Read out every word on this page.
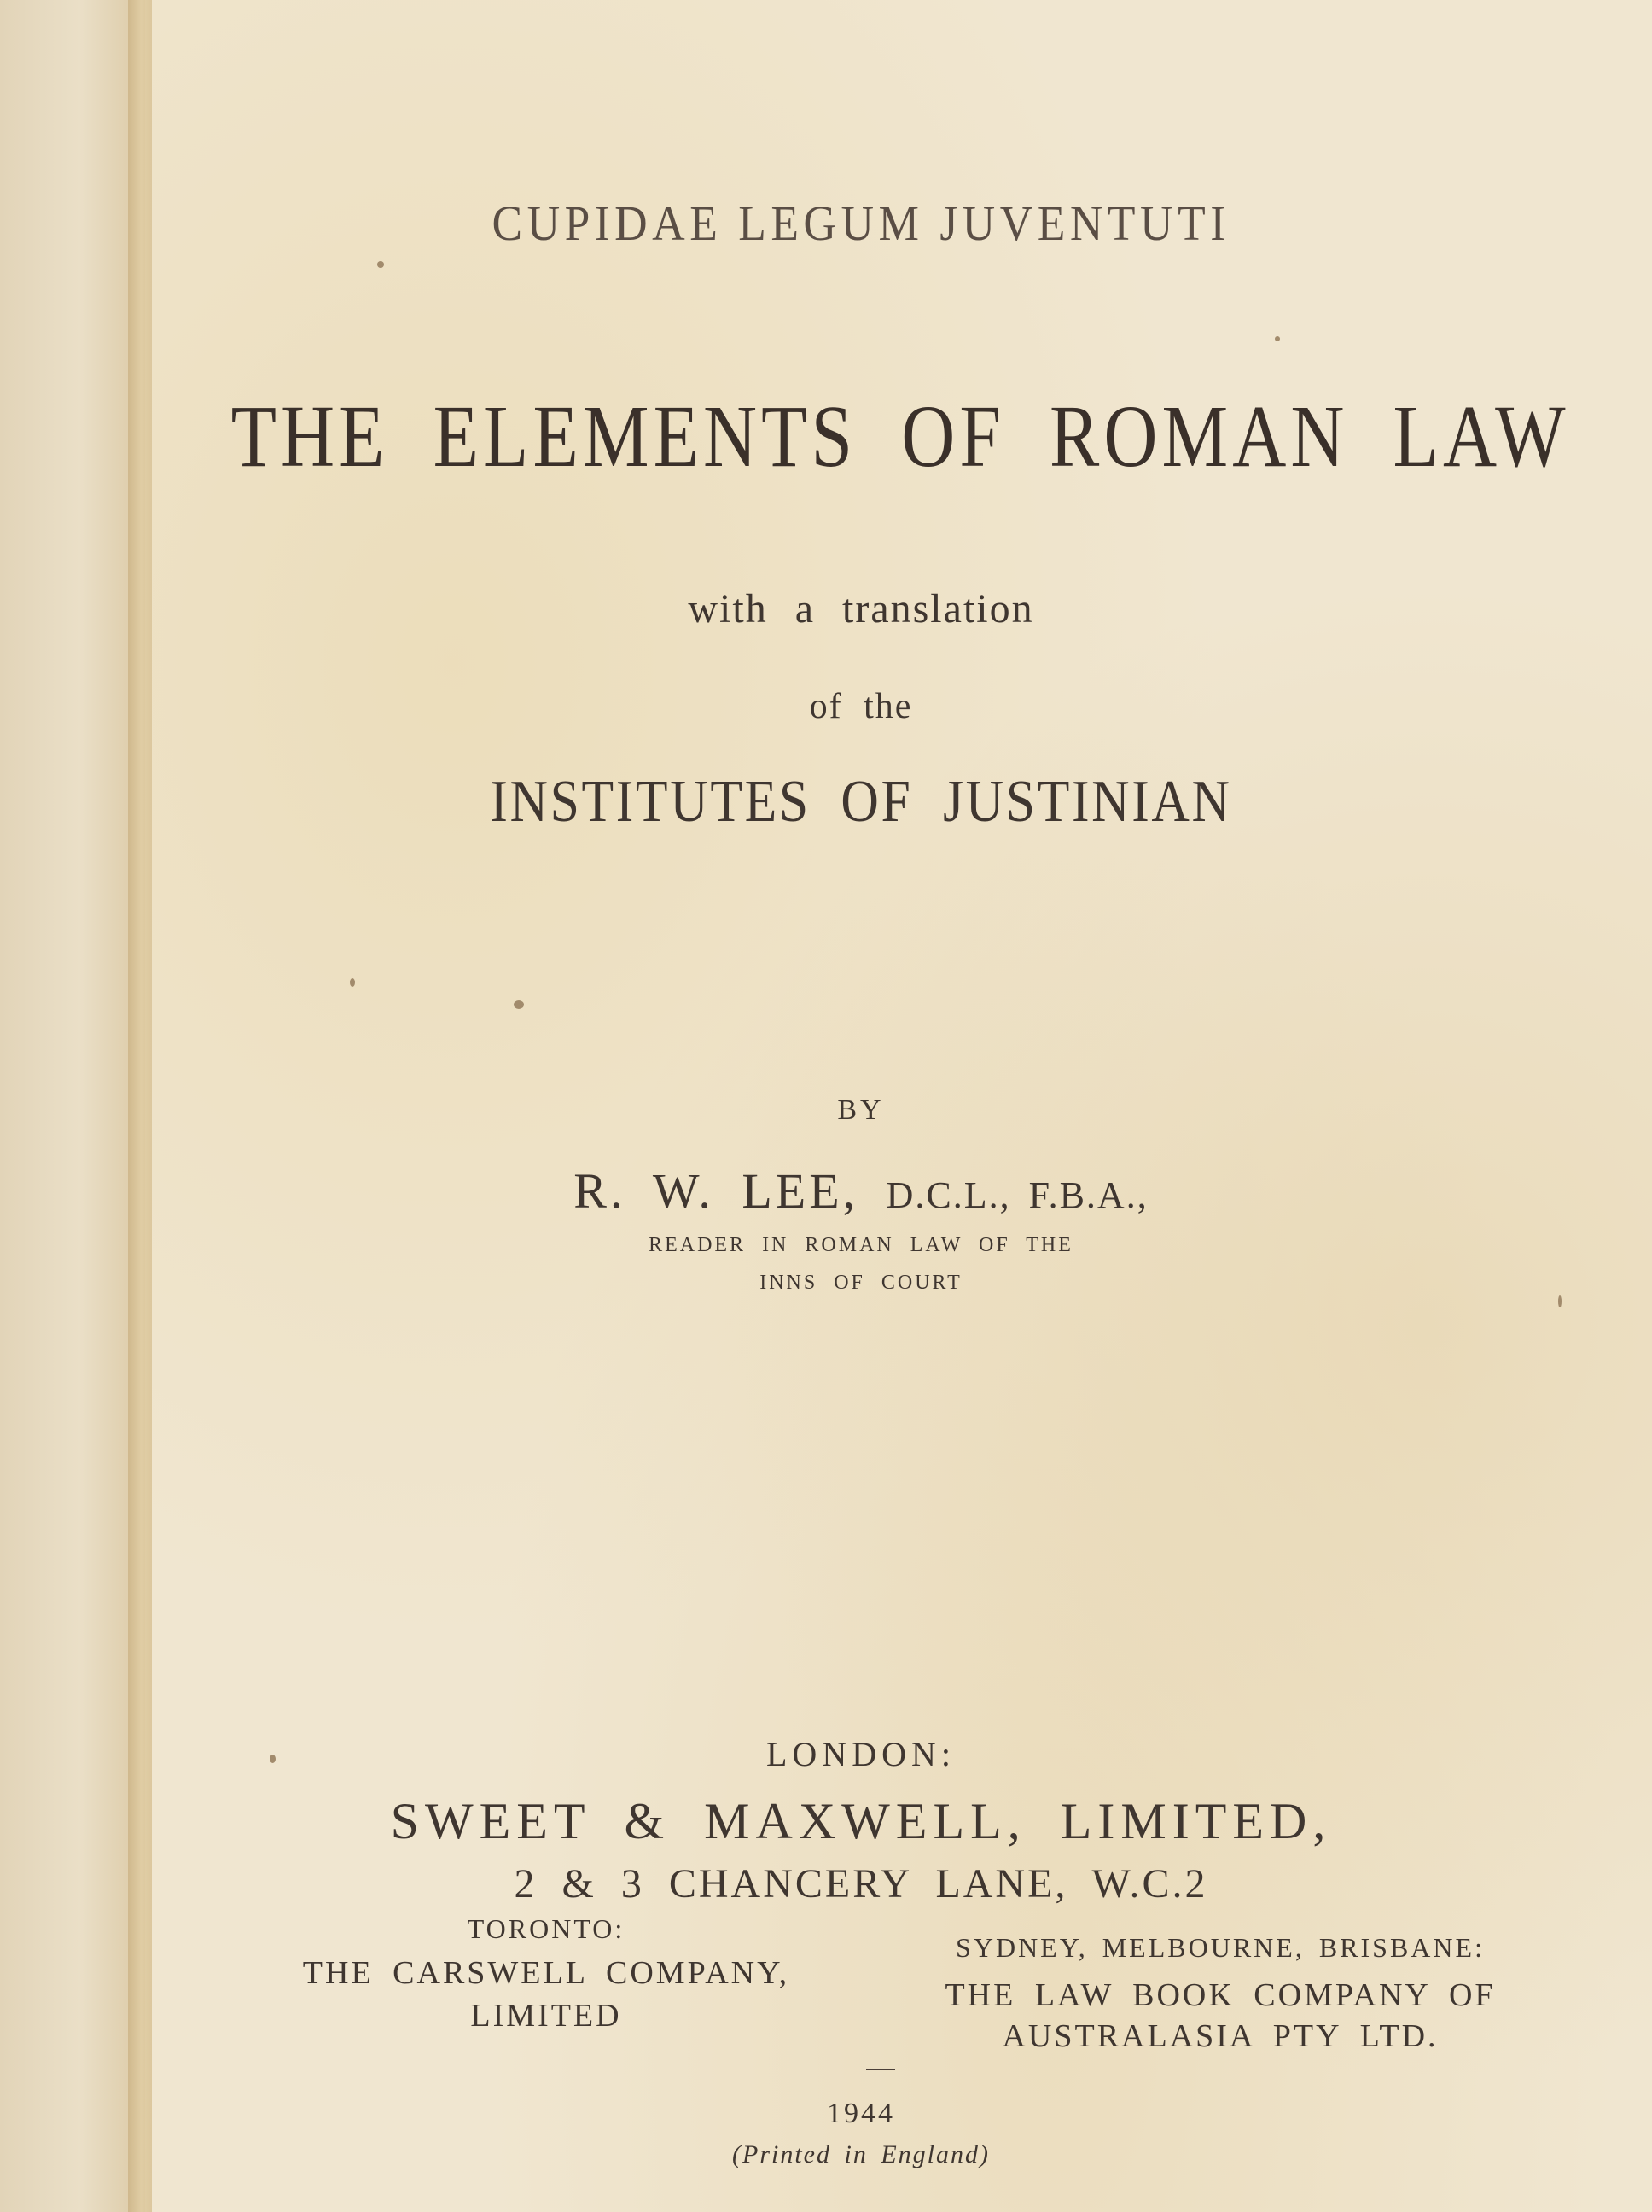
CUPIDAE LEGUM JUVENTUTI

THE ELEMENTS OF ROMAN LAW

with a translation

of the

INSTITUTES OF JUSTINIAN

BY

R. W. LEE, D.C.L., F.B.A.,

READER IN ROMAN LAW OF THE

INNS OF COURT

LONDON:

SWEET & MAXWELL, LIMITED,

2 & 3 CHANCERY LANE, W.C.2

TORONTO:

THE CARSWELL COMPANY,

LIMITED

SYDNEY, MELBOURNE, BRISBANE:

THE LAW BOOK COMPANY OF

AUSTRALASIA PTY LTD.

1944

(Printed in England)
